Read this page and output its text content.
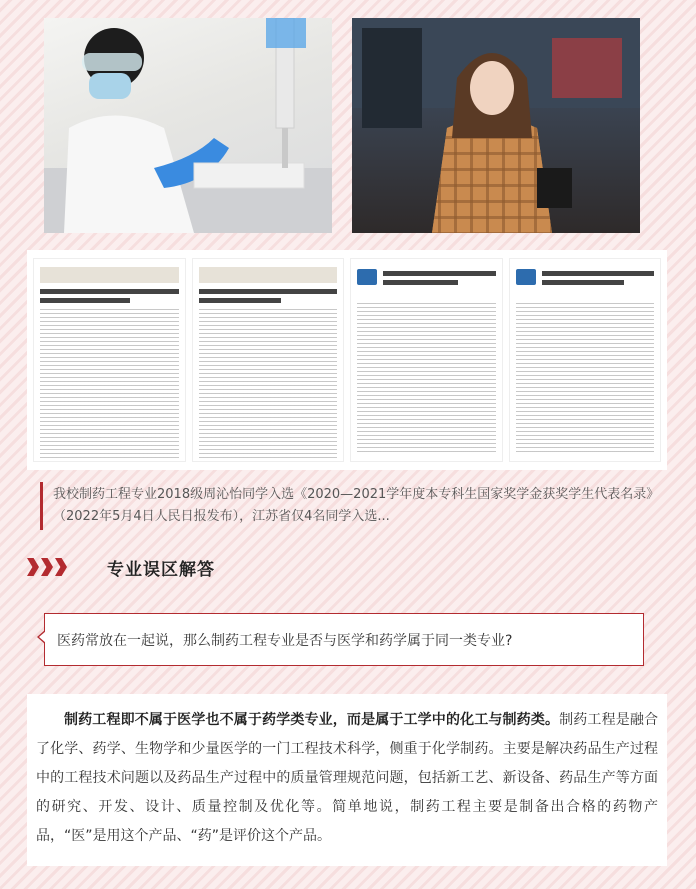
我校制药工程专业2018级周沁怡同学入选《2020—2021学年度本专科生国家奖学金获奖学生代表名录》（2022年5月4日人民日报发布），江苏省仅4名同学入选...
专业误区解答
医药常放在一起说，那么制药工程专业是否与医学和药学属于同一类专业?
制药工程即不属于医学也不属于药学类专业，而是属于工学中的化工与制药类。制药工程是融合了化学、药学、生物学和少量医学的一门工程技术科学，侧重于化学制药。主要是解决药品生产过程中的工程技术问题以及药品生产过程中的质量管理规范问题，包括新工艺、新设备、药品生产等方面的研究、开发、设计、质量控制及优化等。简单地说，制药工程主要是制备出合格的药物产品，“医”是用这个产品、“药”是评价这个产品。
